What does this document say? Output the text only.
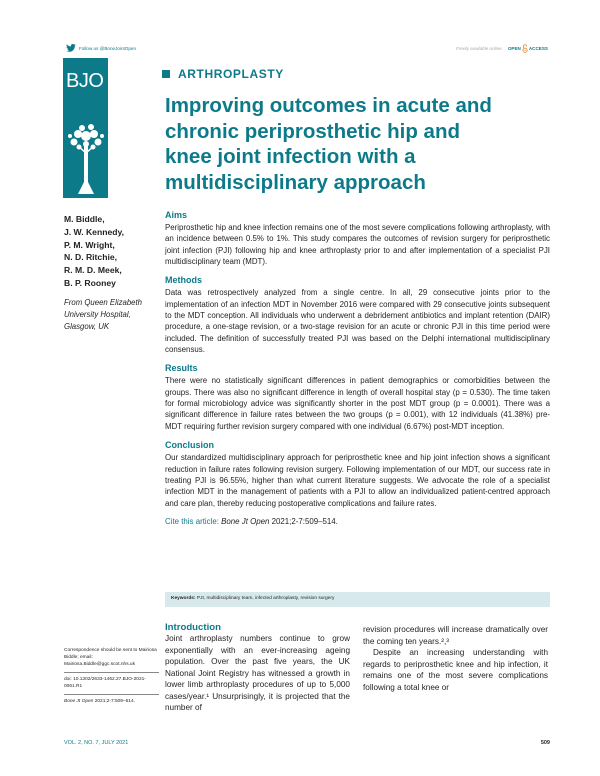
Follow us @BoneJointOpen	Freely available online OPEN ACCESS
BJO	ARTHROPLASTY
Improving outcomes in acute and chronic periprosthetic hip and knee joint infection with a multidisciplinary approach
M. Biddle,
J. W. Kennedy,
P. M. Wright,
N. D. Ritchie,
R. M. D. Meek,
B. P. Rooney
From Queen Elizabeth University Hospital, Glasgow, UK
Aims

Periprosthetic hip and knee infection remains one of the most severe complications following arthroplasty, with an incidence between 0.5% to 1%. This study compares the outcomes of revision surgery for periprosthetic joint infection (PJI) following hip and knee arthroplasty prior to and after implementation of a specialist PJI multidisciplinary team (MDT).

Methods

Data was retrospectively analyzed from a single centre. In all, 29 consecutive joints prior to the implementation of an infection MDT in November 2016 were compared with 29 consecutive joints subsequent to the MDT conception. All individuals who underwent a debridement antibiotics and implant retention (DAIR) procedure, a one-stage revision, or a two-stage revision for an acute or chronic PJI in this time period were included. The definition of successfully treated PJI was based on the Delphi international multidisciplinary consensus.

Results

There were no statistically significant differences in patient demographics or comorbidities between the groups. There was also no significant difference in length of overall hospital stay (p = 0.530). The time taken for formal microbiology advice was significantly shorter in the post MDT group (p = 0.0001). There was a significant difference in failure rates between the two groups (p = 0.001), with 12 individuals (41.38%) pre-MDT requiring further revision surgery compared with one individual (6.67%) post-MDT inception.

Conclusion

Our standardized multidisciplinary approach for periprosthetic knee and hip joint infection shows a significant reduction in failure rates following revision surgery. Following implementation of our MDT, our success rate in treating PJI is 96.55%, higher than what current literature suggests. We advocate the role of a specialist infection MDT in the management of patients with a PJI to allow an individualized patient-centred approach and care plan, thereby reducing postoperative complications and failure rates.

Cite this article: Bone Jt Open 2021;2-7:509–514.
Keywords: PJI, multidisciplinary team, infected arthroplasty, revision surgery
Introduction
Joint arthroplasty numbers continue to grow exponentially with an ever-increasing ageing population. Over the past five years, the UK National Joint Registry has witnessed a growth in lower limb arthroplasty procedures of up to 5,000 cases/year.¹ Unsurprisingly, it is projected that the number of

revision procedures will increase dramatically over the coming ten years.²,³

Despite an increasing understanding with regards to periprosthetic knee and hip infection, it remains one of the most severe complications following a total knee or

Correspondence should be sent to Mairiosa Biddle; email:
Mairiosa.Biddle@ggc.scot.nhs.uk
doi: 10.1302/2633-1462.27.BJO-2021-0061.R1
Bone Jt Open 2021;2-7:509–514.
VOL. 2, NO. 7, JULY 2021	509
